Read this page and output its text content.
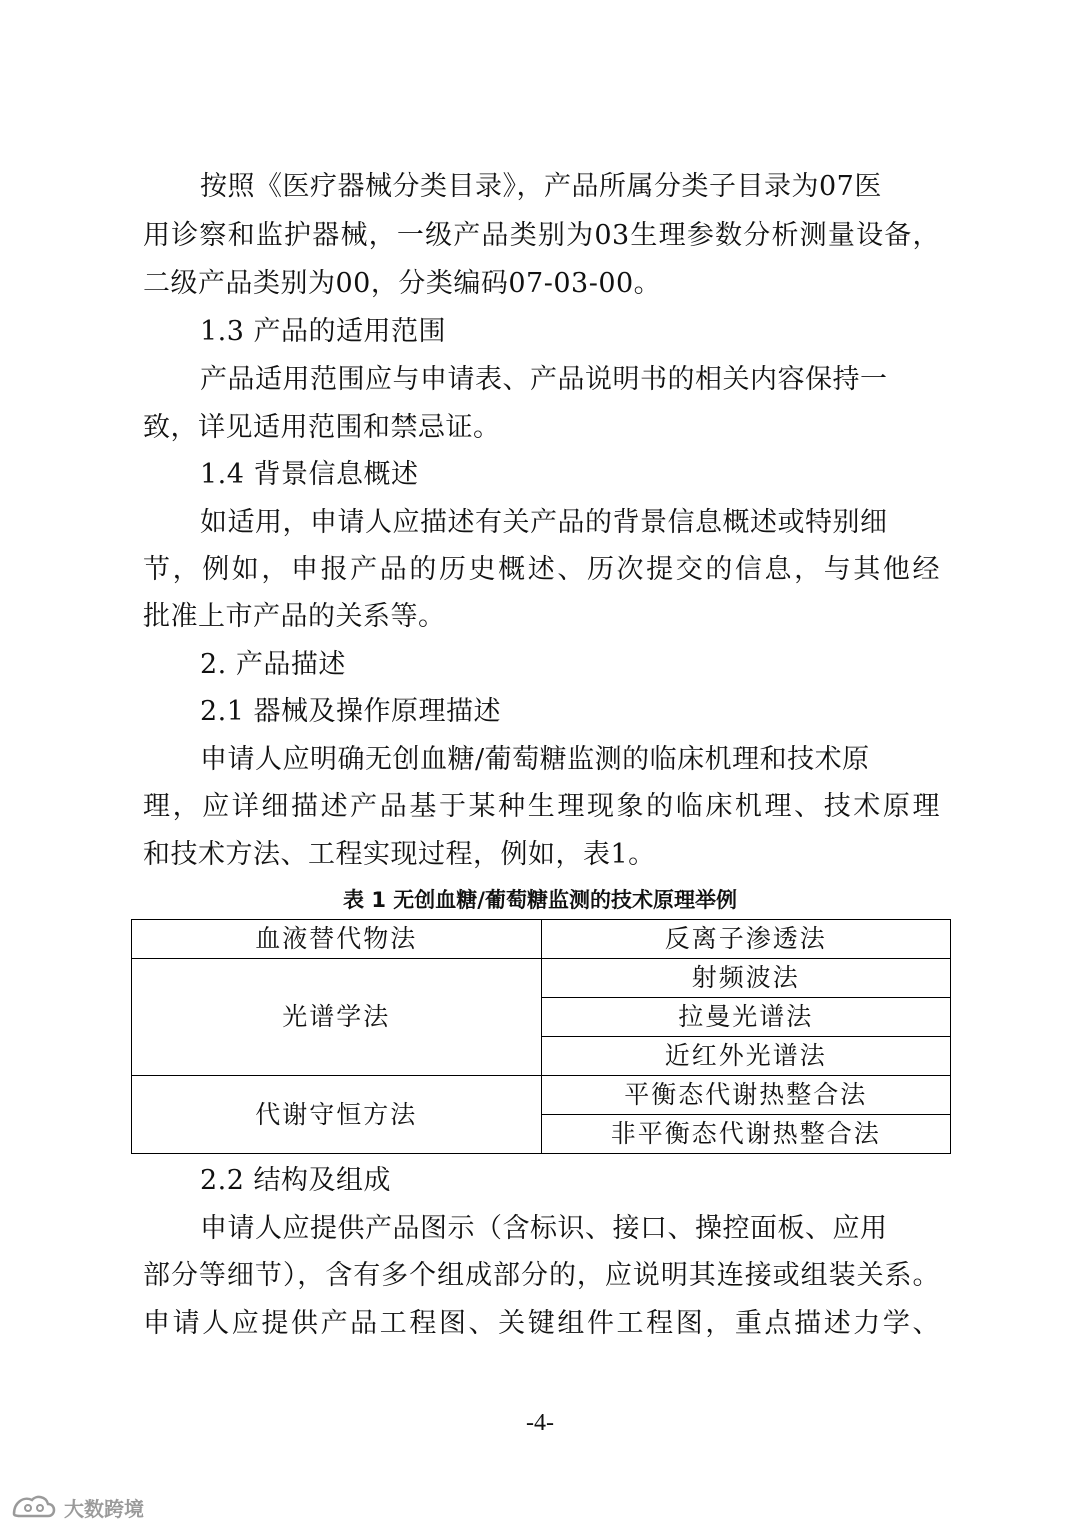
按照《医疗器械分类目录》，产品所属分类子目录为07医
用诊察和监护器械，一级产品类别为03生理参数分析测量设备，
二级产品类别为00，分类编码07-03-00。
1.3 产品的适用范围
产品适用范围应与申请表、产品说明书的相关内容保持一
致，详见适用范围和禁忌证。
1.4 背景信息概述
如适用，申请人应描述有关产品的背景信息概述或特别细
节，例如，申报产品的历史概述、历次提交的信息，与其他经
批准上市产品的关系等。
2. 产品描述
2.1 器械及操作原理描述
申请人应明确无创血糖/葡萄糖监测的临床机理和技术原
理，应详细描述产品基于某种生理现象的临床机理、技术原理
和技术方法、工程实现过程，例如，表1。
表 1 无创血糖/葡萄糖监测的技术原理举例
血液替代物法	反离子渗透法
光谱学法	射频波法
	拉曼光谱法
	近红外光谱法
代谢守恒方法	平衡态代谢热整合法
	非平衡态代谢热整合法
2.2 结构及组成
申请人应提供产品图示（含标识、接口、操控面板、应用
部分等细节），含有多个组成部分的，应说明其连接或组装关系。
申请人应提供产品工程图、关键组件工程图，重点描述力学、
-4-
大数跨境
